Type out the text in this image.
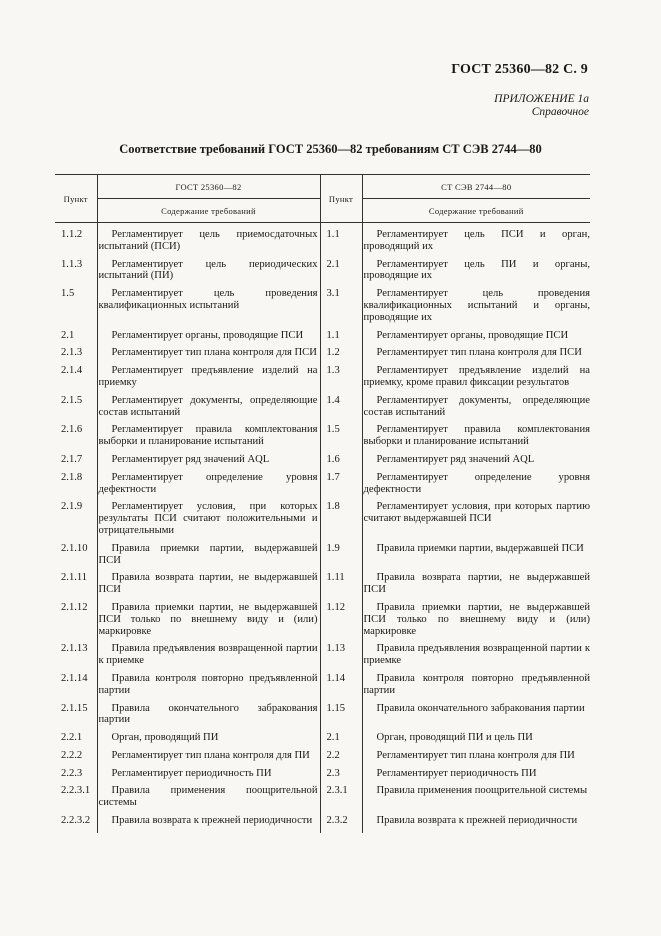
ГОСТ 25360—82 С. 9
ПРИЛОЖЕНИЕ 1а
Справочное
Соответствие требований ГОСТ 25360—82 требованиям СТ СЭВ 2744—80
Пункт	ГОСТ 25360—82	Пункт	СТ СЭВ 2744—80
	Содержание требований		Содержание требований
1.1.2	Регламентирует цель приемосдаточных испытаний (ПСИ)	1.1	Регламентирует цель ПСИ и орган, проводящий их
1.1.3	Регламентирует цель периодических испытаний (ПИ)	2.1	Регламентирует цель ПИ и органы, проводящие их
1.5	Регламентирует цель проведения квалификационных испытаний	3.1	Регламентирует цель проведения квалификационных испытаний и органы, проводящие их
2.1	Регламентирует органы, проводящие ПСИ	1.1	Регламентирует органы, проводящие ПСИ
2.1.3	Регламентирует тип плана контроля для ПСИ	1.2	Регламентирует тип плана контроля для ПСИ
2.1.4	Регламентирует предъявление изделий на приемку	1.3	Регламентирует предъявление изделий на приемку, кроме правил фиксации результатов
2.1.5	Регламентирует документы, определяющие состав испытаний	1.4	Регламентирует документы, определяющие состав испытаний
2.1.6	Регламентирует правила комплектования выборки и планирование испытаний	1.5	Регламентирует правила комплектования выборки и планирование испытаний
2.1.7	Регламентирует ряд значений AQL	1.6	Регламентирует ряд значений AQL
2.1.8	Регламентирует определение уровня дефектности	1.7	Регламентирует определение уровня дефектности
2.1.9	Регламентирует условия, при которых результаты ПСИ считают положительными и отрицательными	1.8	Регламентирует условия, при которых партию считают выдержавшей ПСИ
2.1.10	Правила приемки партии, выдержавшей ПСИ	1.9	Правила приемки партии, выдержавшей ПСИ
2.1.11	Правила возврата партии, не выдержавшей ПСИ	1.11	Правила возврата партии, не выдержавшей ПСИ
2.1.12	Правила приемки партии, не выдержавшей ПСИ только по внешнему виду и (или) маркировке	1.12	Правила приемки партии, не выдержавшей ПСИ только по внешнему виду и (или) маркировке
2.1.13	Правила предъявления возвращенной партии к приемке	1.13	Правила предъявления возвращенной партии к приемке
2.1.14	Правила контроля повторно предъявленной партии	1.14	Правила контроля повторно предъявленной партии
2.1.15	Правила окончательного забракования партии	1.15	Правила окончательного забракования партии
2.2.1	Орган, проводящий ПИ	2.1	Орган, проводящий ПИ и цель ПИ
2.2.2	Регламентирует тип плана контроля для ПИ	2.2	Регламентирует тип плана контроля для ПИ
2.2.3	Регламентирует периодичность ПИ	2.3	Регламентирует периодичность ПИ
2.2.3.1	Правила применения поощрительной системы	2.3.1	Правила применения поощрительной системы
2.2.3.2	Правила возврата к прежней периодичности	2.3.2	Правила возврата к прежней периодичности
